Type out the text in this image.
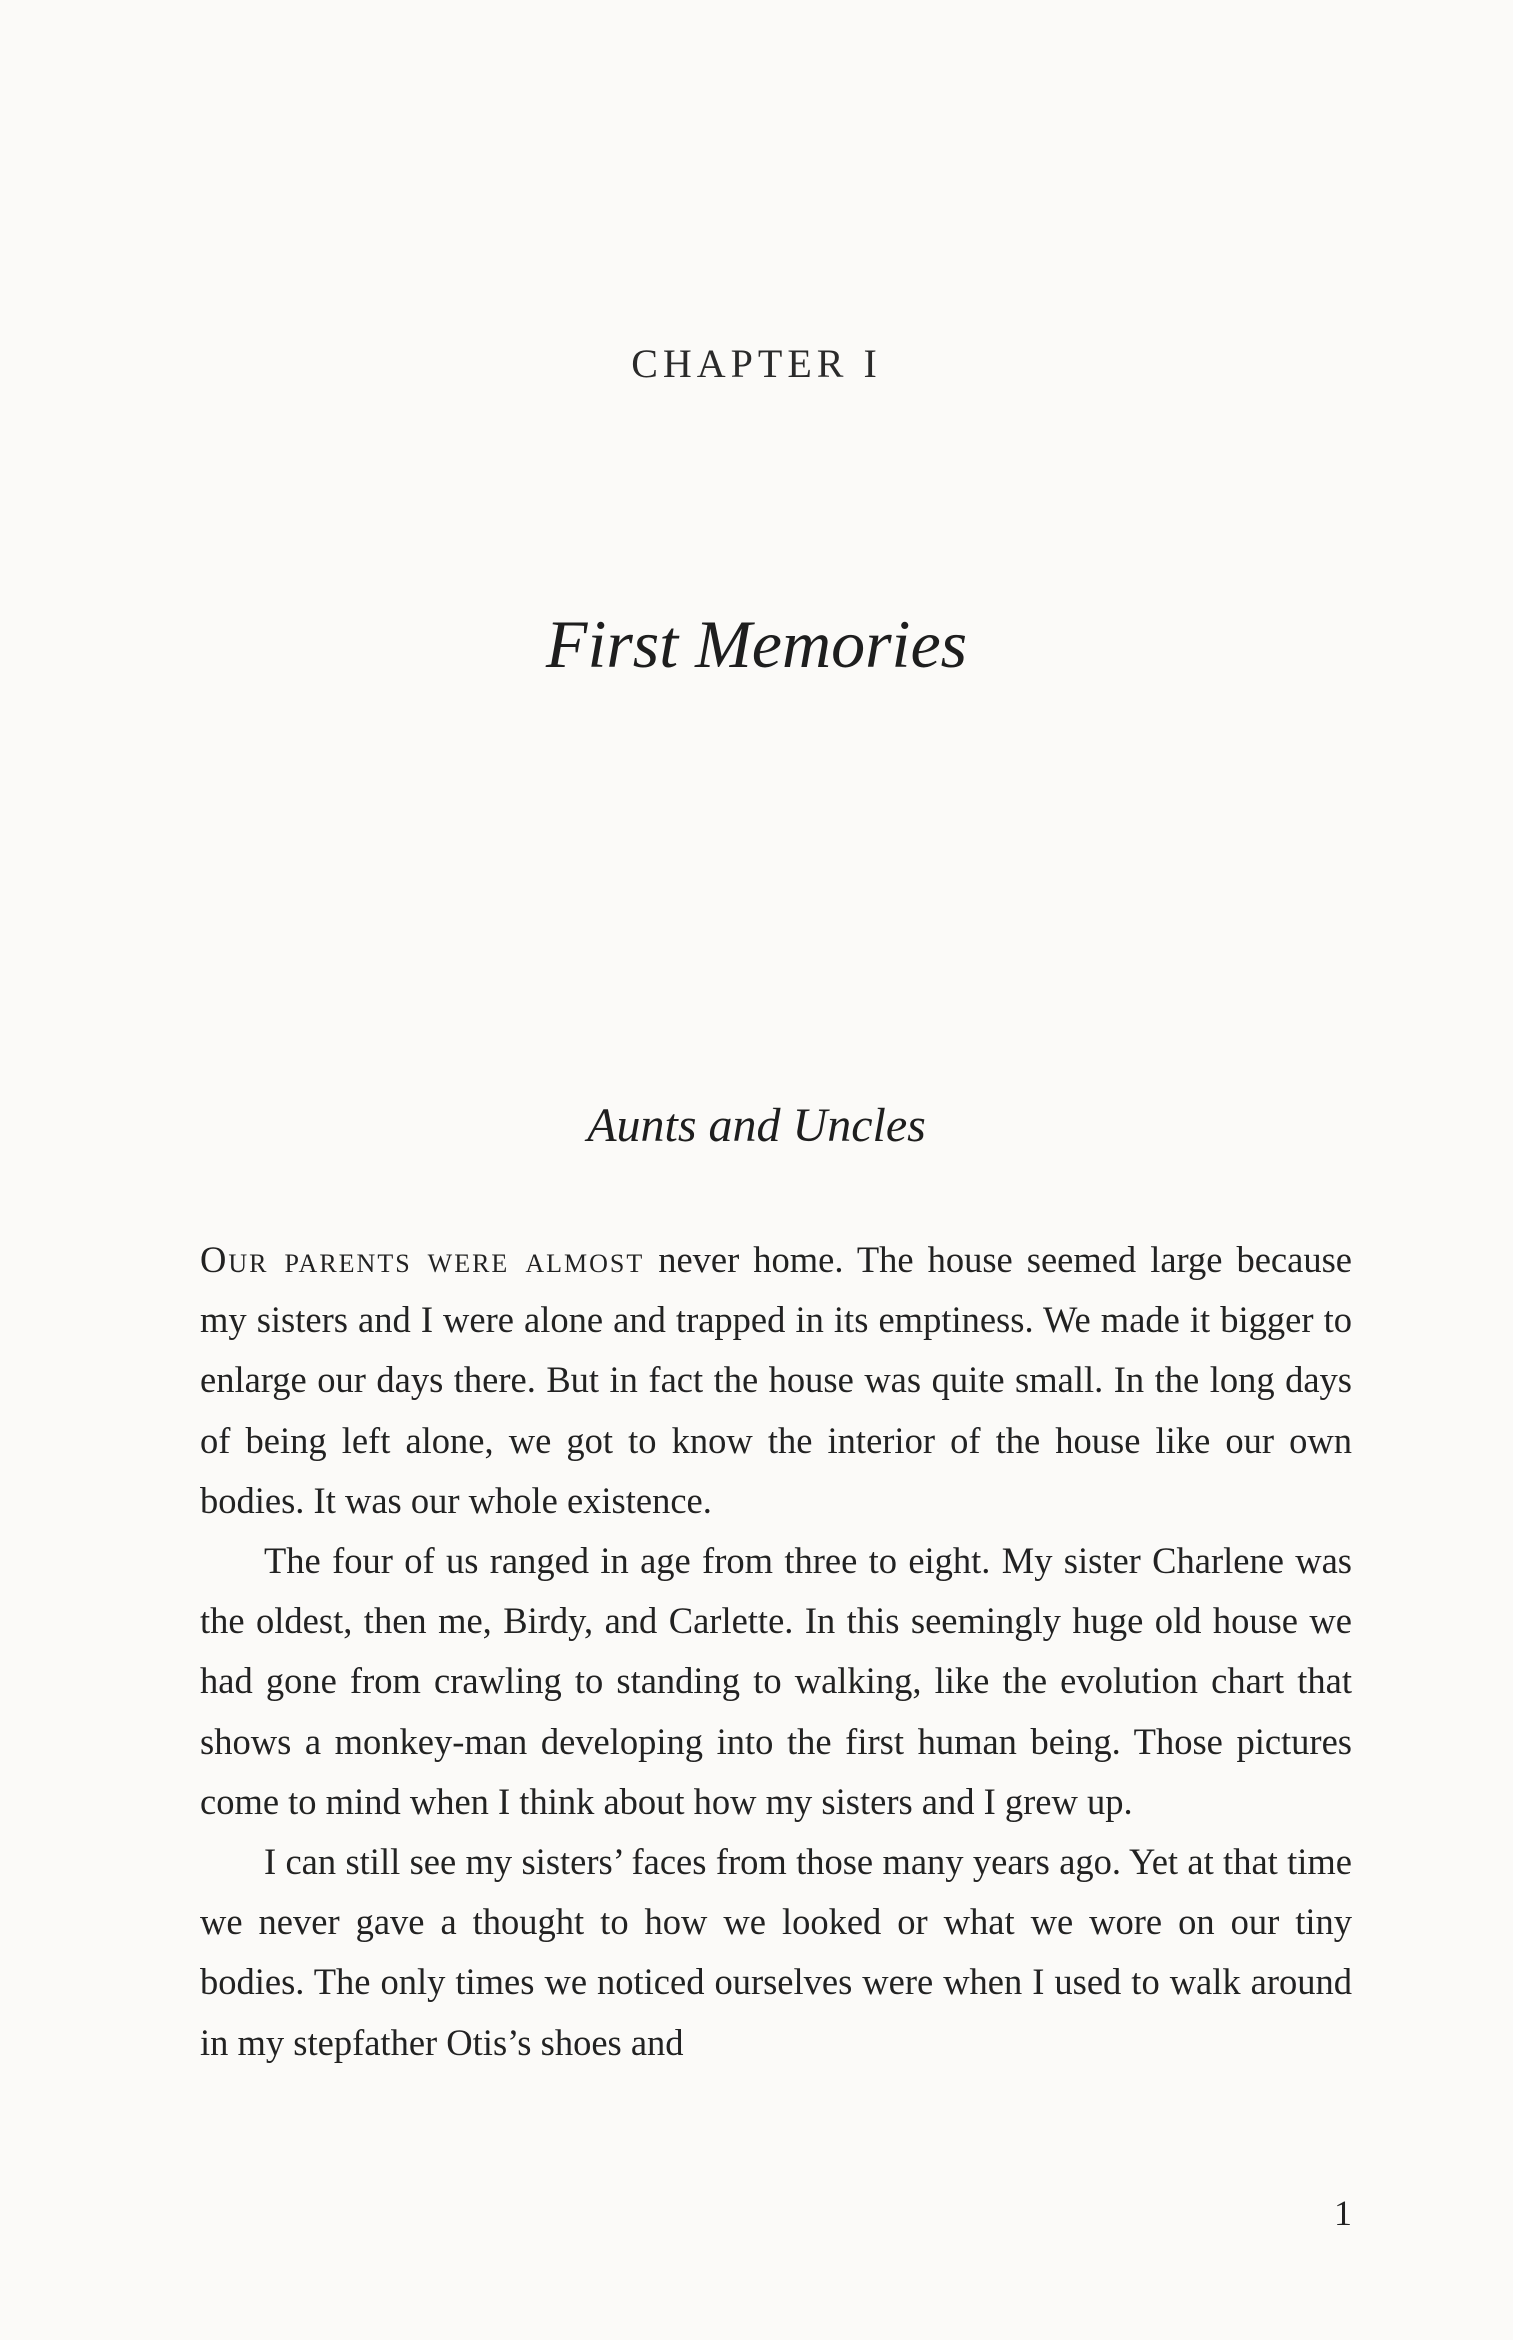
CHAPTER I
First Memories
Aunts and Uncles

Our parents were almost never home. The house seemed large because my sisters and I were alone and trapped in its emptiness. We made it bigger to enlarge our days there. But in fact the house was quite small. In the long days of being left alone, we got to know the interior of the house like our own bodies. It was our whole existence.

The four of us ranged in age from three to eight. My sister Charlene was the oldest, then me, Birdy, and Carlette. In this seemingly huge old house we had gone from crawling to standing to walking, like the evolution chart that shows a monkey-man developing into the first human being. Those pictures come to mind when I think about how my sisters and I grew up.

I can still see my sisters’ faces from those many years ago. Yet at that time we never gave a thought to how we looked or what we wore on our tiny bodies. The only times we noticed ourselves were when I used to walk around in my stepfather Otis’s shoes and

1
